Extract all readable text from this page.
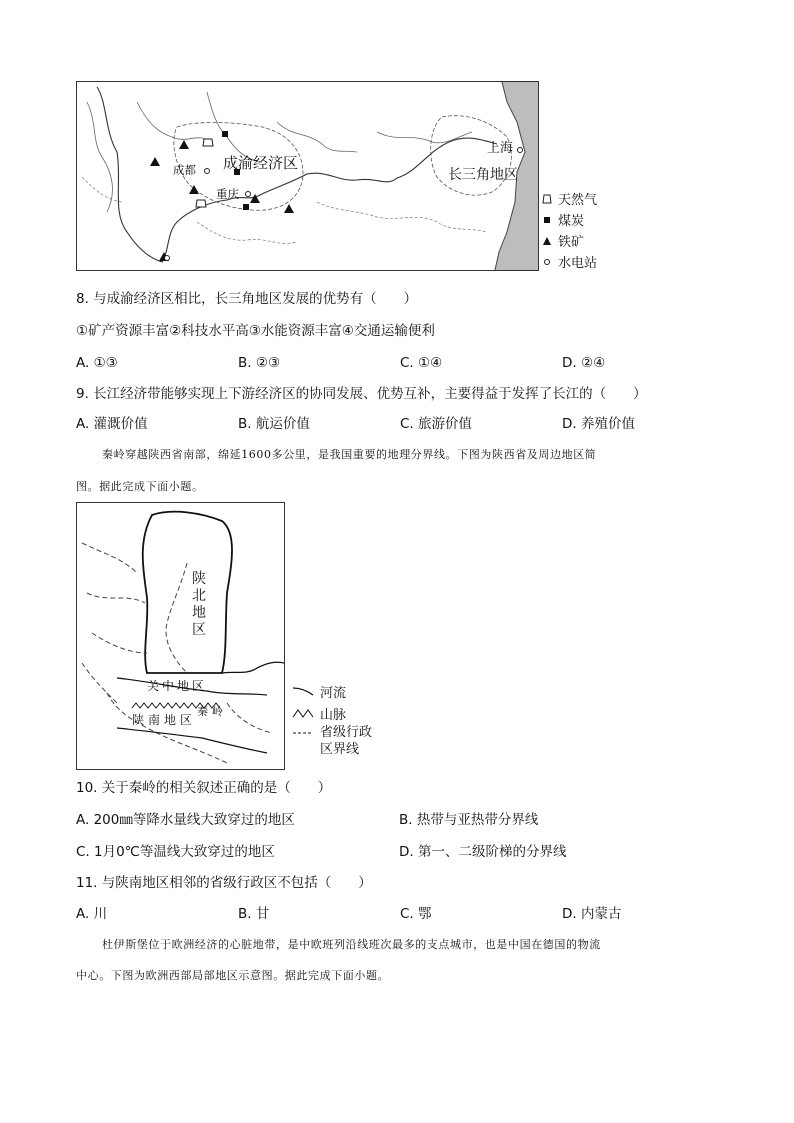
成都
重庆
成渝经济区
上海
长三角地区
天然气
煤炭
铁矿
水电站
8. 与成渝经济区相比，长三角地区发展的优势有（　　）
①矿产资源丰富②科技水平高③水能资源丰富④交通运输便利
A. ①③	B. ②③	C. ①④	D. ②④
9. 长江经济带能够实现上下游经济区的协同发展、优势互补，主要得益于发挥了长江的（　　）
A. 灌溉价值	B. 航运价值	C. 旅游价值	D. 养殖价值
秦岭穿越陕西省南部，绵延1600多公里，是我国重要的地理分界线。下图为陕西省及周边地区简
图。据此完成下面小题。
陕北地区
关中地区
秦岭
陕南地区
河流
山脉
省级行政区界线
10. 关于秦岭的相关叙述正确的是（　　）
A. 200㎜等降水量线大致穿过的地区	B. 热带与亚热带分界线
C. 1月0℃等温线大致穿过的地区	D. 第一、二级阶梯的分界线
11. 与陕南地区相邻的省级行政区不包括（　　）
A. 川	B. 甘	C. 鄂	D. 内蒙古
杜伊斯堡位于欧洲经济的心脏地带，是中欧班列沿线班次最多的支点城市，也是中国在德国的物流
中心。下图为欧洲西部局部地区示意图。据此完成下面小题。
